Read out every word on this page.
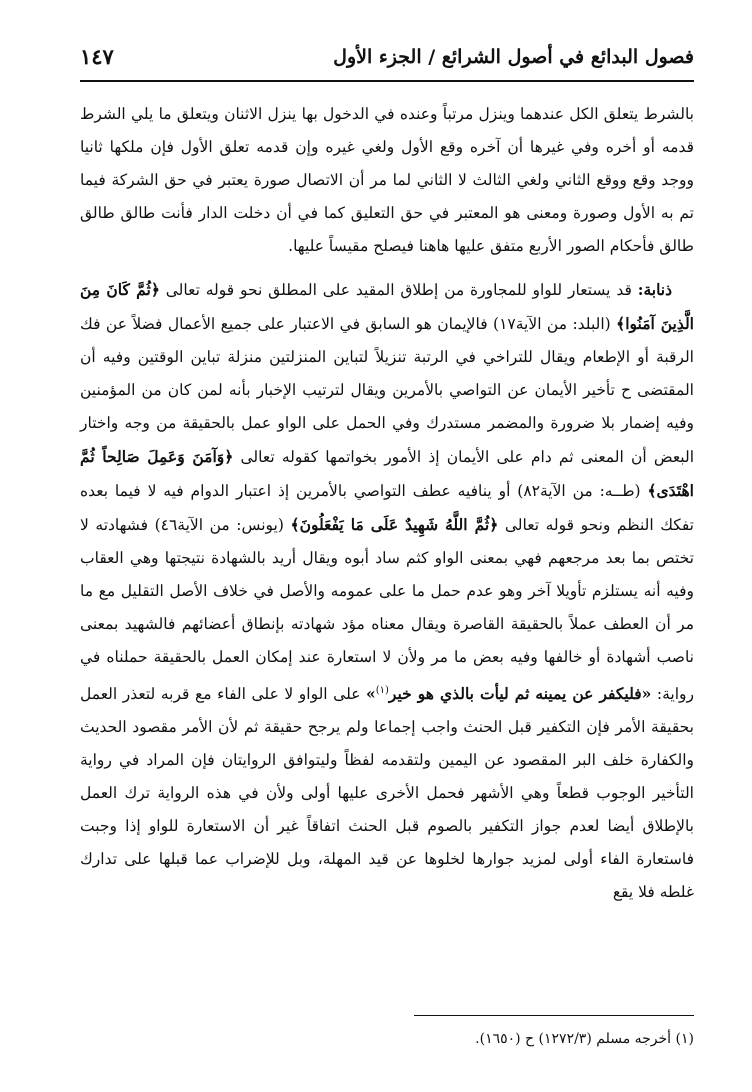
فصول البدائع في أصول الشرائع / الجزء الأول
١٤٧

بالشرط يتعلق الكل عندهما وينزل مرتباً وعنده في الدخول بها ينزل الاثنان ويتعلق ما يلي الشرط قدمه أو أخره وفي غيرها أن آخره وقع الأول ولغي غيره وإن قدمه تعلق الأول فإن ملكها ثانيا ووجد وقع ووقع الثاني ولغي الثالث لا الثاني لما مر أن الاتصال صورة يعتبر في حق الشركة فيما تم به الأول وصورة ومعنى هو المعتبر في حق التعليق كما في أن دخلت الدار فأنت طالق طالق طالق فأحكام الصور الأربع متفق عليها هاهنا فيصلح مقيساً عليها.

ذنابة: قد يستعار للواو للمجاورة من إطلاق المقيد على المطلق نحو قوله تعالى ﴿ثُمَّ كَانَ مِنَ الَّذِينَ آمَنُوا﴾ (البلد: من الآية١٧) فالإيمان هو السابق في الاعتبار على جميع الأعمال فضلاً عن فك الرقبة أو الإطعام ويقال للتراخي في الرتبة تنزيلاً لتباين المنزلتين منزلة تباين الوقتين وفيه أن المقتضى ح تأخير الأيمان عن التواصي بالأمرين ويقال لترتيب الإخبار بأنه لمن كان من المؤمنين وفيه إضمار بلا ضرورة والمضمر مستدرك وفي الحمل على الواو عمل بالحقيقة من وجه واختار البعض أن المعنى ثم دام على الأيمان إذ الأمور بخواتمها كقوله تعالى ﴿وَآمَنَ وَعَمِلَ صَالِحاً ثُمَّ اهْتَدَى﴾ (طــه: من الآية٨٢) أو ينافيه عطف التواصي بالأمرين إذ اعتبار الدوام فيه لا فيما بعده تفكك النظم ونحو قوله تعالى ﴿ثُمَّ اللَّهُ شَهِيدٌ عَلَى مَا يَفْعَلُونَ﴾ (يونس: من الآية٤٦) فشهادته لا تختص بما بعد مرجعهم فهي بمعنى الواو كثم ساد أبوه ويقال أريد بالشهادة نتيجتها وهي العقاب وفيه أنه يستلزم تأويلا آخر وهو عدم حمل ما على عمومه والأصل في خلاف الأصل التقليل مع ما مر أن العطف عملاً بالحقيقة القاصرة ويقال معناه مؤد شهادته بإنطاق أعضائهم فالشهيد بمعنى ناصب أشهادة أو خالفها وفيه بعض ما مر ولأن لا استعارة عند إمكان العمل بالحقيقة حملناه في رواية: «فليكفر عن يمينه ثم ليأت بالذي هو خير$^{(١)}$» على الواو لا على الفاء مع قربه لتعذر العمل بحقيقة الأمر فإن التكفير قبل الحنث واجب إجماعا ولم يرجح حقيقة ثم لأن الأمر مقصود الحديث والكفارة خلف البر المقصود عن اليمين ولتقدمه لفظاً وليتوافق الروايتان فإن المراد في رواية التأخير الوجوب قطعاً وهي الأشهر فحمل الأخرى عليها أولى ولأن في هذه الرواية ترك العمل بالإطلاق أيضا لعدم جواز التكفير بالصوم قبل الحنث اتفاقاً غير أن الاستعارة للواو إذا وجبت فاستعارة الفاء أولى لمزيد جوارها لخلوها عن قيد المهلة، وبل للإضراب عما قبلها على تدارك غلطه فلا يقع

(١) أخرجه مسلم (١٢٧٢/٣) ح (١٦٥٠).
